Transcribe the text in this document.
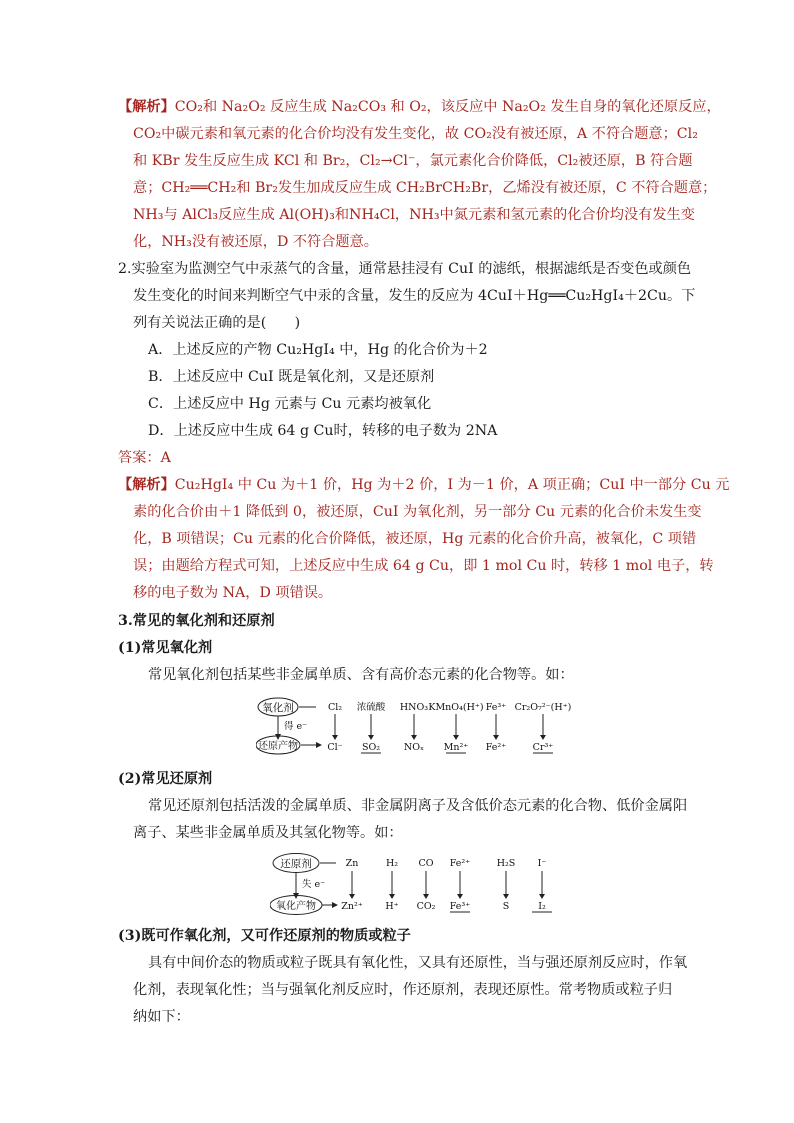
【解析】CO₂和 Na₂O₂ 反应生成 Na₂CO₃ 和 O₂，该反应中 Na₂O₂ 发生自身的氧化还原反应，
CO₂中碳元素和氧元素的化合价均没有发生变化，故 CO₂没有被还原，A 不符合题意；Cl₂
和 KBr 发生反应生成 KCl 和 Br₂，Cl₂→Cl⁻，氯元素化合价降低，Cl₂被还原，B 符合题
意；CH₂══CH₂和 Br₂发生加成反应生成 CH₂BrCH₂Br，乙烯没有被还原，C 不符合题意；
NH₃与 AlCl₃反应生成 Al(OH)₃和NH₄Cl，NH₃中氮元素和氢元素的化合价均没有发生变
化，NH₃没有被还原，D 不符合题意。
2.实验室为监测空气中汞蒸气的含量，通常悬挂浸有 CuI 的滤纸，根据滤纸是否变色或颜色
发生变化的时间来判断空气中汞的含量，发生的反应为 4CuI＋Hg══Cu₂HgI₄＋2Cu。下
列有关说法正确的是(　　)
A．上述反应的产物 Cu₂HgI₄ 中，Hg 的化合价为＋2
B．上述反应中 CuI 既是氧化剂，又是还原剂
C．上述反应中 Hg 元素与 Cu 元素均被氧化
D．上述反应中生成 64 g Cu时，转移的电子数为 2NA
答案：A
【解析】Cu₂HgI₄ 中 Cu 为＋1 价，Hg 为＋2 价，I 为－1 价，A 项正确；CuI 中一部分 Cu 元
素的化合价由＋1 降低到 0，被还原，CuI 为氧化剂，另一部分 Cu 元素的化合价未发生变
化，B 项错误；Cu 元素的化合价降低，被还原，Hg 元素的化合价升高，被氧化，C 项错
误；由题给方程式可知，上述反应中生成 64 g Cu，即 1 mol Cu 时，转移 1 mol 电子，转
移的电子数为 NA，D 项错误。
3.常见的氧化剂和还原剂
(1)常见氧化剂
常见氧化剂包括某些非金属单质、含有高价态元素的化合物等。如：
氧化剂
得 e⁻
还原产物
Cl₂
Cl⁻
浓硫酸
SO₂
HNO₃
NOₓ
KMnO₄(H⁺)
Mn²⁺
Fe³⁺
Fe²⁺
Cr₂O₇²⁻(H⁺)
Cr³⁺
(2)常见还原剂
常见还原剂包括活泼的金属单质、非金属阴离子及含低价态元素的化合物、低价金属阳
离子、某些非金属单质及其氢化物等。如：
还原剂
失 e⁻
氧化产物
Zn
Zn²⁺
H₂
H⁺
CO
CO₂
Fe²⁺
Fe³⁺
H₂S
S
I⁻
I₂
(3)既可作氧化剂，又可作还原剂的物质或粒子
具有中间价态的物质或粒子既具有氧化性，又具有还原性，当与强还原剂反应时，作氧
化剂，表现氧化性；当与强氧化剂反应时，作还原剂，表现还原性。常考物质或粒子归
纳如下：
